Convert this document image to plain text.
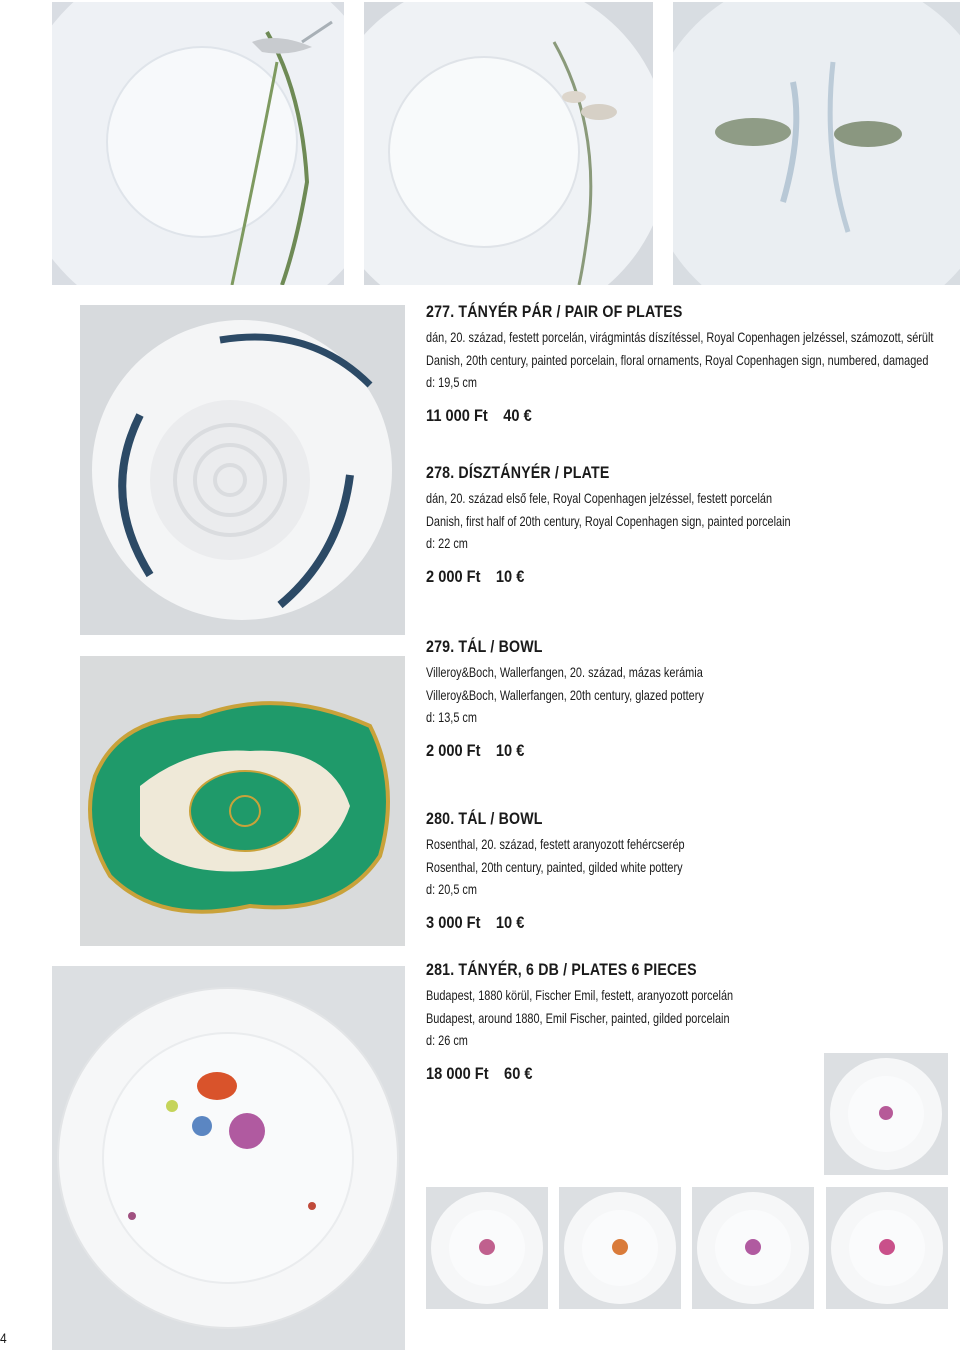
277. TÁNYÉR PÁR / PAIR OF PLATES

dán, 20. század, festett porcelán, virágmintás díszítéssel, Royal Copenhagen jelzéssel, számozott, sérült

Danish, 20th century, painted porcelain, floral ornaments, Royal Copenhagen sign, numbered, damaged

d: 19,5 cm

11 000 Ft 40 €
278. DÍSZTÁNYÉR / PLATE

dán, 20. század első fele, Royal Copenhagen jelzéssel, festett porcelán

Danish, first half of 20th century, Royal Copenhagen sign, painted porcelain

d: 22 cm

2 000 Ft 10 €
279. TÁL / BOWL

Villeroy&Boch, Wallerfangen, 20. század, mázas kerámia

Villeroy&Boch, Wallerfangen, 20th century, glazed pottery

d: 13,5 cm

2 000 Ft 10 €
280. TÁL / BOWL

Rosenthal, 20. század, festett aranyozott fehércserép

Rosenthal, 20th century, painted, gilded white pottery

d: 20,5 cm

3 000 Ft 10 €
281. TÁNYÉR, 6 DB / PLATES 6 PIECES

Budapest, 1880 körül, Fischer Emil, festett, aranyozott porcelán

Budapest, around 1880, Emil Fischer, painted, gilded porcelain

d: 26 cm

18 000 Ft 60 €
4
